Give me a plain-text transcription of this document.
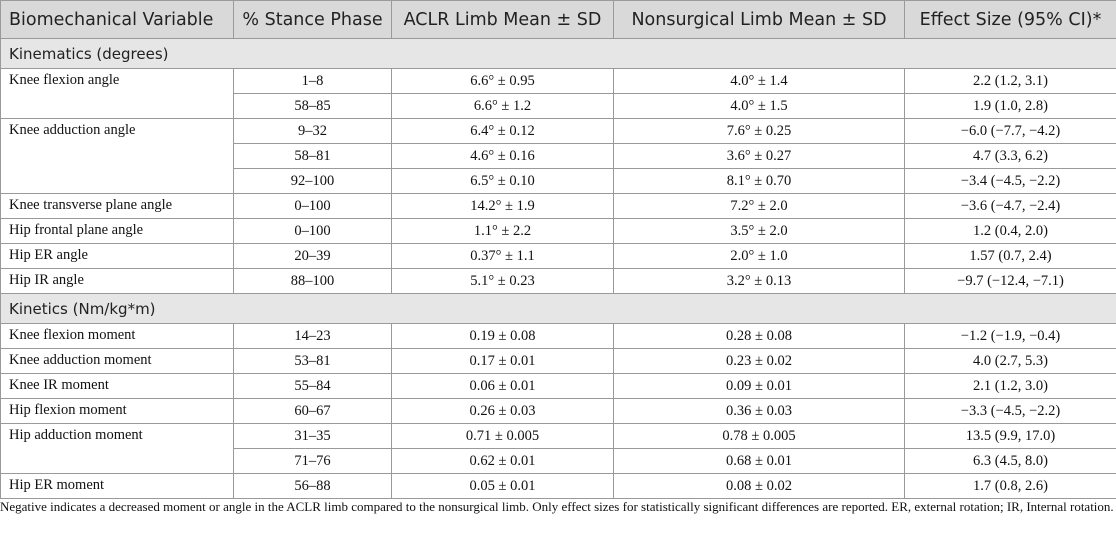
Biomechanical Variable	% Stance Phase	ACLR Limb Mean ± SD	Nonsurgical Limb Mean ± SD	Effect Size (95% CI)*
Kinematics (degrees)				
Knee flexion angle	1–8	6.6° ± 0.95	4.0° ± 1.4	2.2 (1.2, 3.1)
	58–85	6.6° ± 1.2	4.0° ± 1.5	1.9 (1.0, 2.8)
Knee adduction angle	9–32	6.4° ± 0.12	7.6° ± 0.25	−6.0 (−7.7, −4.2)
	58–81	4.6° ± 0.16	3.6° ± 0.27	4.7 (3.3, 6.2)
	92–100	6.5° ± 0.10	8.1° ± 0.70	−3.4 (−4.5, −2.2)
Knee transverse plane angle	0–100	14.2° ± 1.9	7.2° ± 2.0	−3.6 (−4.7, −2.4)
Hip frontal plane angle	0–100	1.1° ± 2.2	3.5° ± 2.0	1.2 (0.4, 2.0)
Hip ER angle	20–39	0.37° ± 1.1	2.0° ± 1.0	1.57 (0.7, 2.4)
Hip IR angle	88–100	5.1° ± 0.23	3.2° ± 0.13	−9.7 (−12.4, −7.1)
Kinetics (Nm/kg*m)				
Knee flexion moment	14–23	0.19 ± 0.08	0.28 ± 0.08	−1.2 (−1.9, −0.4)
Knee adduction moment	53–81	0.17 ± 0.01	0.23 ± 0.02	4.0 (2.7, 5.3)
Knee IR moment	55–84	0.06 ± 0.01	0.09 ± 0.01	2.1 (1.2, 3.0)
Hip flexion moment	60–67	0.26 ± 0.03	0.36 ± 0.03	−3.3 (−4.5, −2.2)
Hip adduction moment	31–35	0.71 ± 0.005	0.78 ± 0.005	13.5 (9.9, 17.0)
	71–76	0.62 ± 0.01	0.68 ± 0.01	6.3 (4.5, 8.0)
Hip ER moment	56–88	0.05 ± 0.01	0.08 ± 0.02	1.7 (0.8, 2.6)
Negative indicates a decreased moment or angle in the ACLR limb compared to the nonsurgical limb. Only effect sizes for statistically significant differences are reported. ER, external rotation; IR, Internal rotation.
